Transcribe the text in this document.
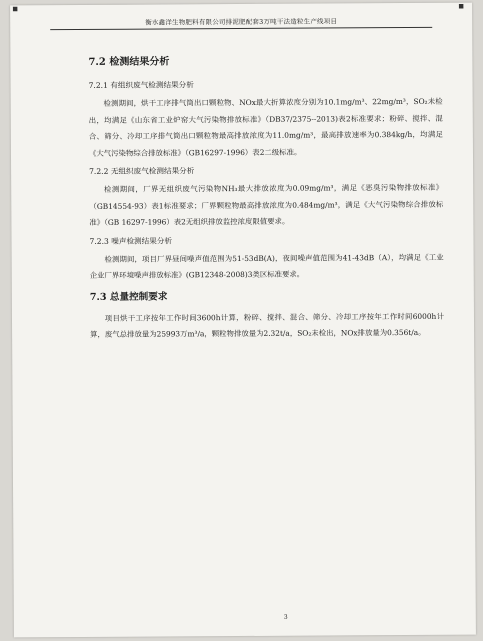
衡水鑫洋生物肥料有限公司排泥肥配套3万吨干法造粒生产线项目
▪	▪
7.2 检测结果分析
7.2.1 有组织废气检测结果分析

检测期间，烘干工序排气筒出口颗粒物、NOx最大折算浓度分别为10.1mg/m³、22mg/m³，SO₂未检出，均满足《山东省工业炉窑大气污染物排放标准》（DB37/2375--2013)表2标准要求；粉碎、搅拌、混合、筛分、冷却工序排气筒出口颗粒物最高排放浓度为11.0mg/m³，最高排放速率为0.384kg/h，均满足《大气污染物综合排放标准》（GB16297-1996）表2二级标准。

7.2.2 无组织废气检测结果分析

检测期间，厂界无组织废气污染物NH₃最大排放浓度为0.09mg/m³，满足《恶臭污染物排放标准》（GB14554-93）表1标准要求；厂界颗粒物最高排放浓度为0.484mg/m³，满足《大气污染物综合排放标准》（GB 16297-1996）表2无组织排放监控浓度限值要求。

7.2.3 噪声检测结果分析

检测期间，项目厂界昼间噪声值范围为51-53dB(A)，夜间噪声值范围为41-43dB（A），均满足《工业企业厂界环境噪声排放标准》(GB12348-2008)3类区标准要求。

7.3 总量控制要求

项目烘干工序按年工作时间3600h计算，粉碎、搅拌、混合、筛分、冷却工序按年工作时间6000h计算，废气总排放量为25993万m³/a，颗粒物排放量为2.32t/a，SO₂未检出，NOx排放量为0.356t/a。

3
